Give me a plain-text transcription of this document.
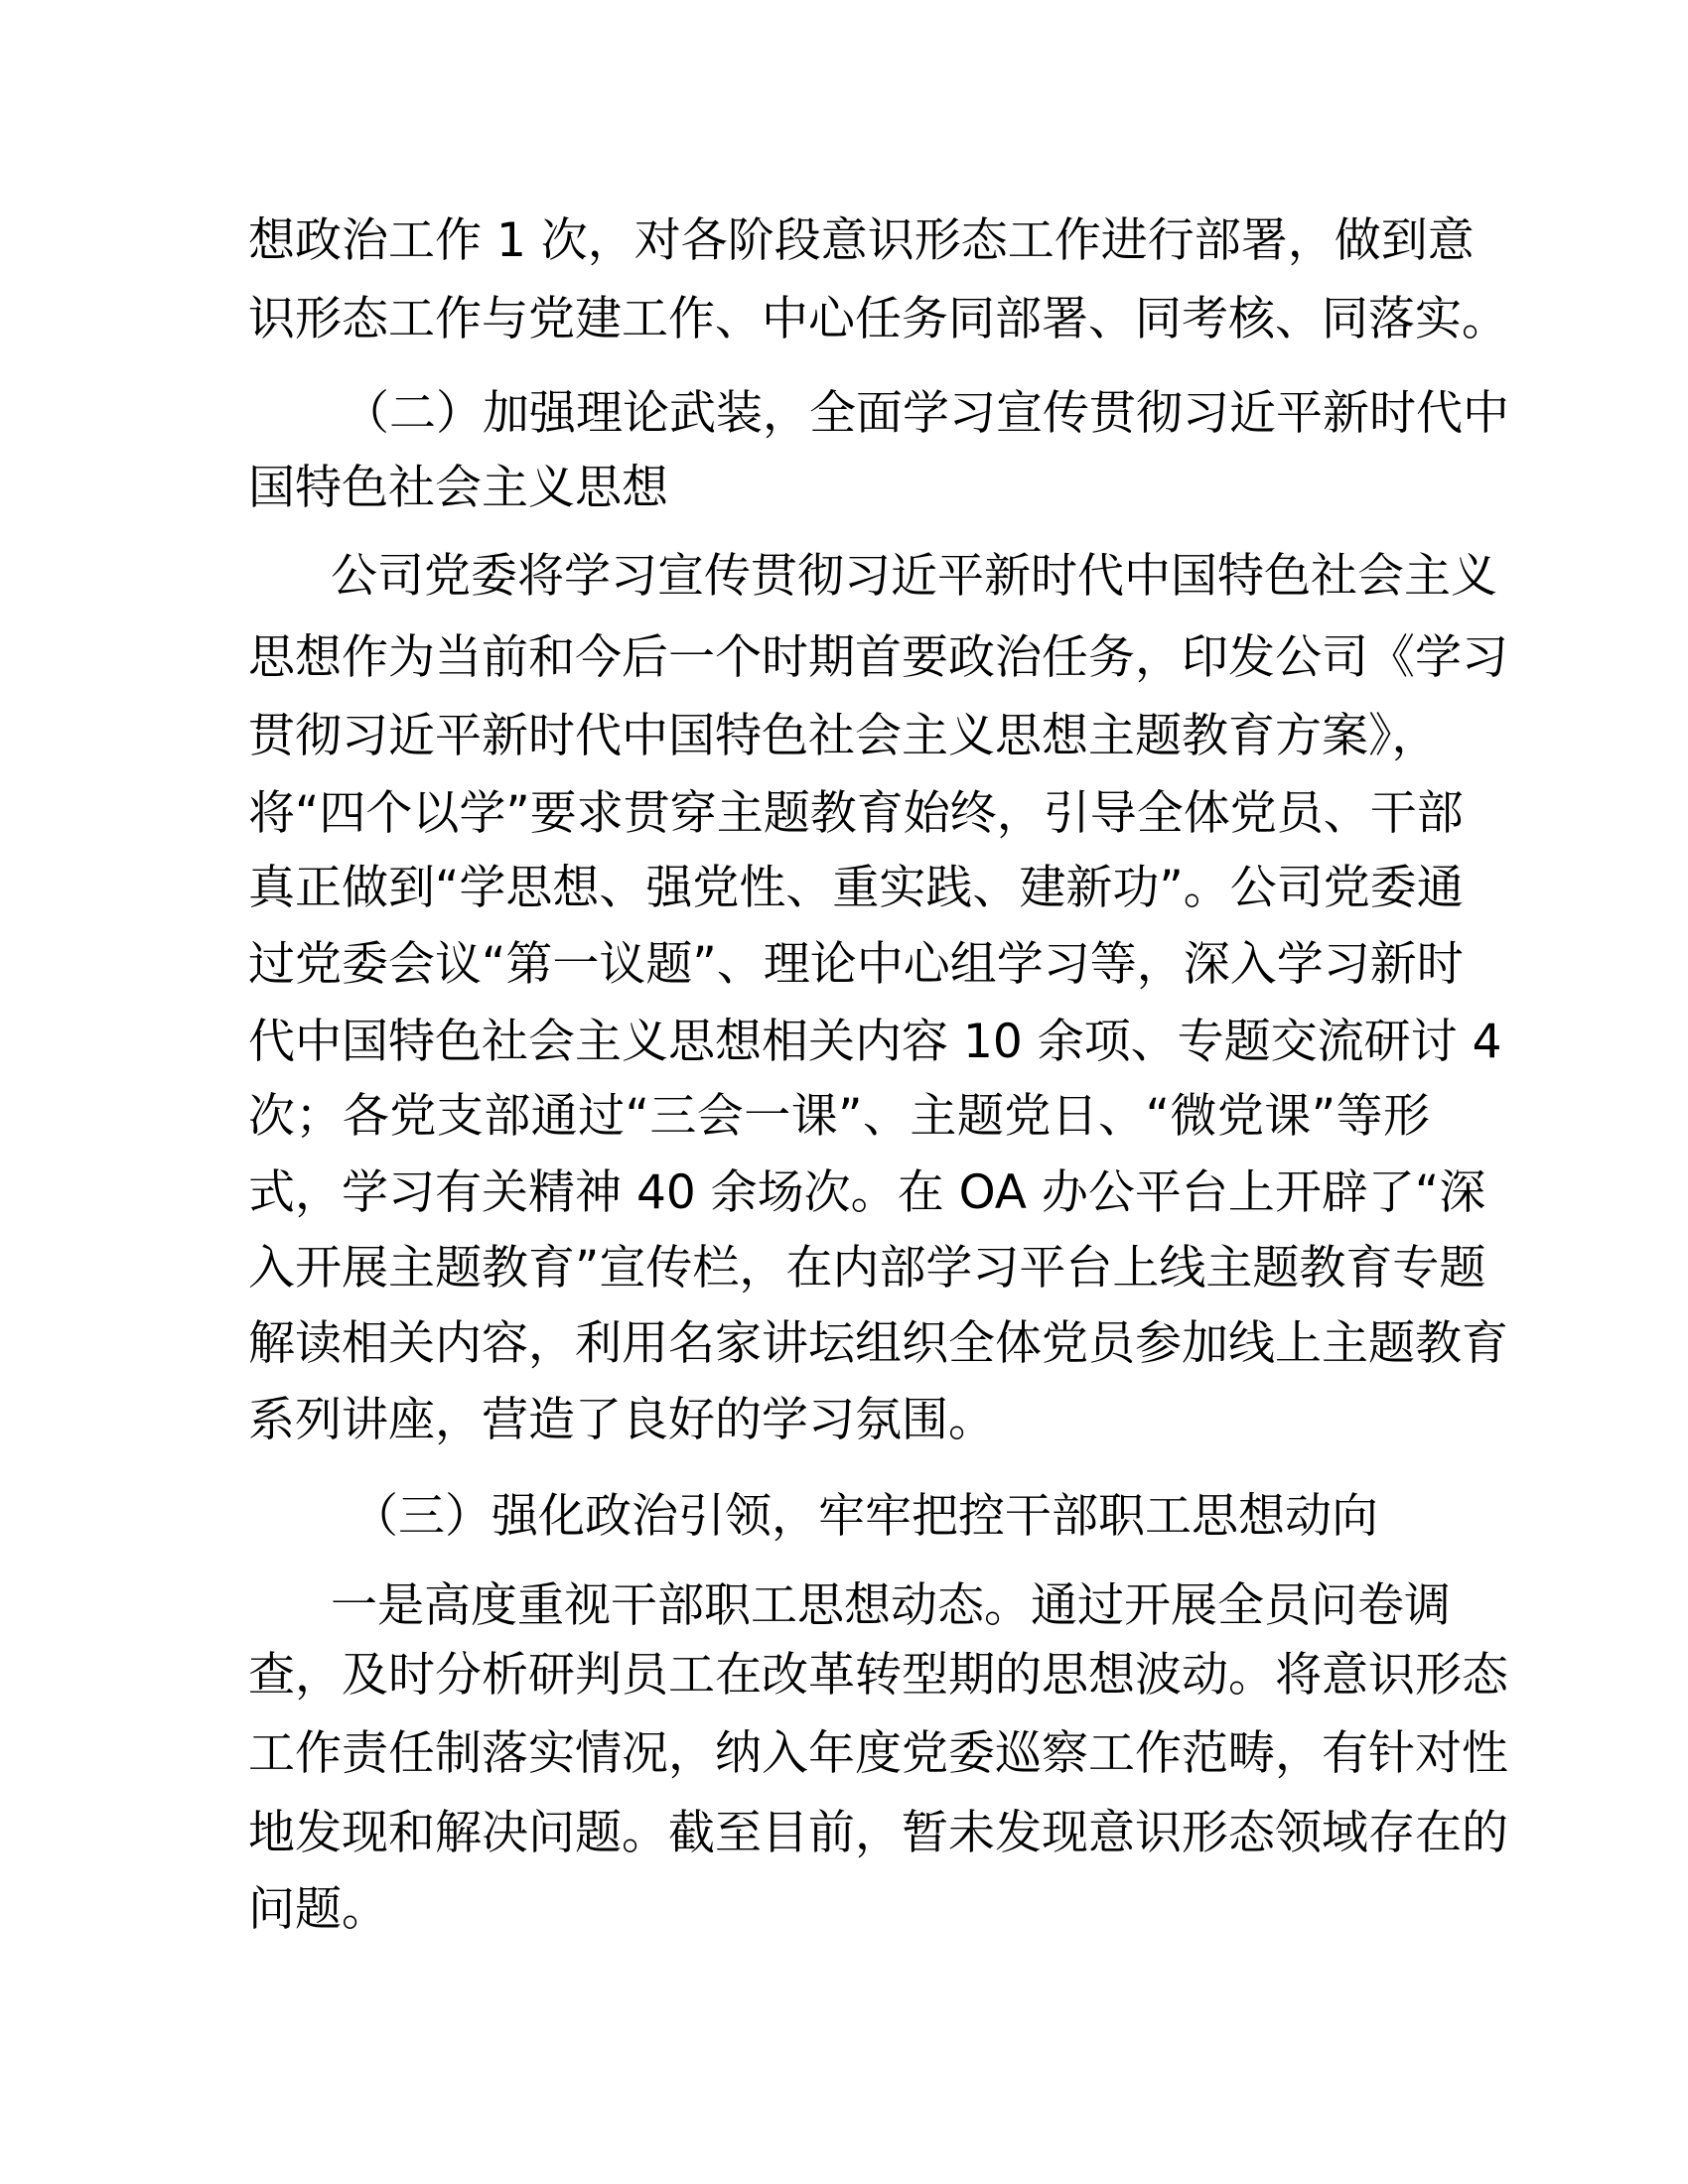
想政治工作 1 次，对各阶段意识形态工作进行部署，做到意
识形态工作与党建工作、中心任务同部署、同考核、同落实。
（二）加强理论武装，全面学习宣传贯彻习近平新时代中
国特色社会主义思想
公司党委将学习宣传贯彻习近平新时代中国特色社会主义
思想作为当前和今后一个时期首要政治任务，印发公司《学习
贯彻习近平新时代中国特色社会主义思想主题教育方案》，
将“四个以学”要求贯穿主题教育始终，引导全体党员、干部
真正做到“学思想、强党性、重实践、建新功”。公司党委通
过党委会议“第一议题”、理论中心组学习等，深入学习新时
代中国特色社会主义思想相关内容 10 余项、专题交流研讨 4
次；各党支部通过“三会一课”、主题党日、“微党课”等形
式，学习有关精神 40 余场次。在 OA 办公平台上开辟了“深
入开展主题教育”宣传栏，在内部学习平台上线主题教育专题
解读相关内容，利用名家讲坛组织全体党员参加线上主题教育
系列讲座，营造了良好的学习氛围。
（三）强化政治引领，牢牢把控干部职工思想动向
一是高度重视干部职工思想动态。通过开展全员问卷调
查，及时分析研判员工在改革转型期的思想波动。将意识形态
工作责任制落实情况，纳入年度党委巡察工作范畴，有针对性
地发现和解决问题。截至目前，暂未发现意识形态领域存在的
问题。
